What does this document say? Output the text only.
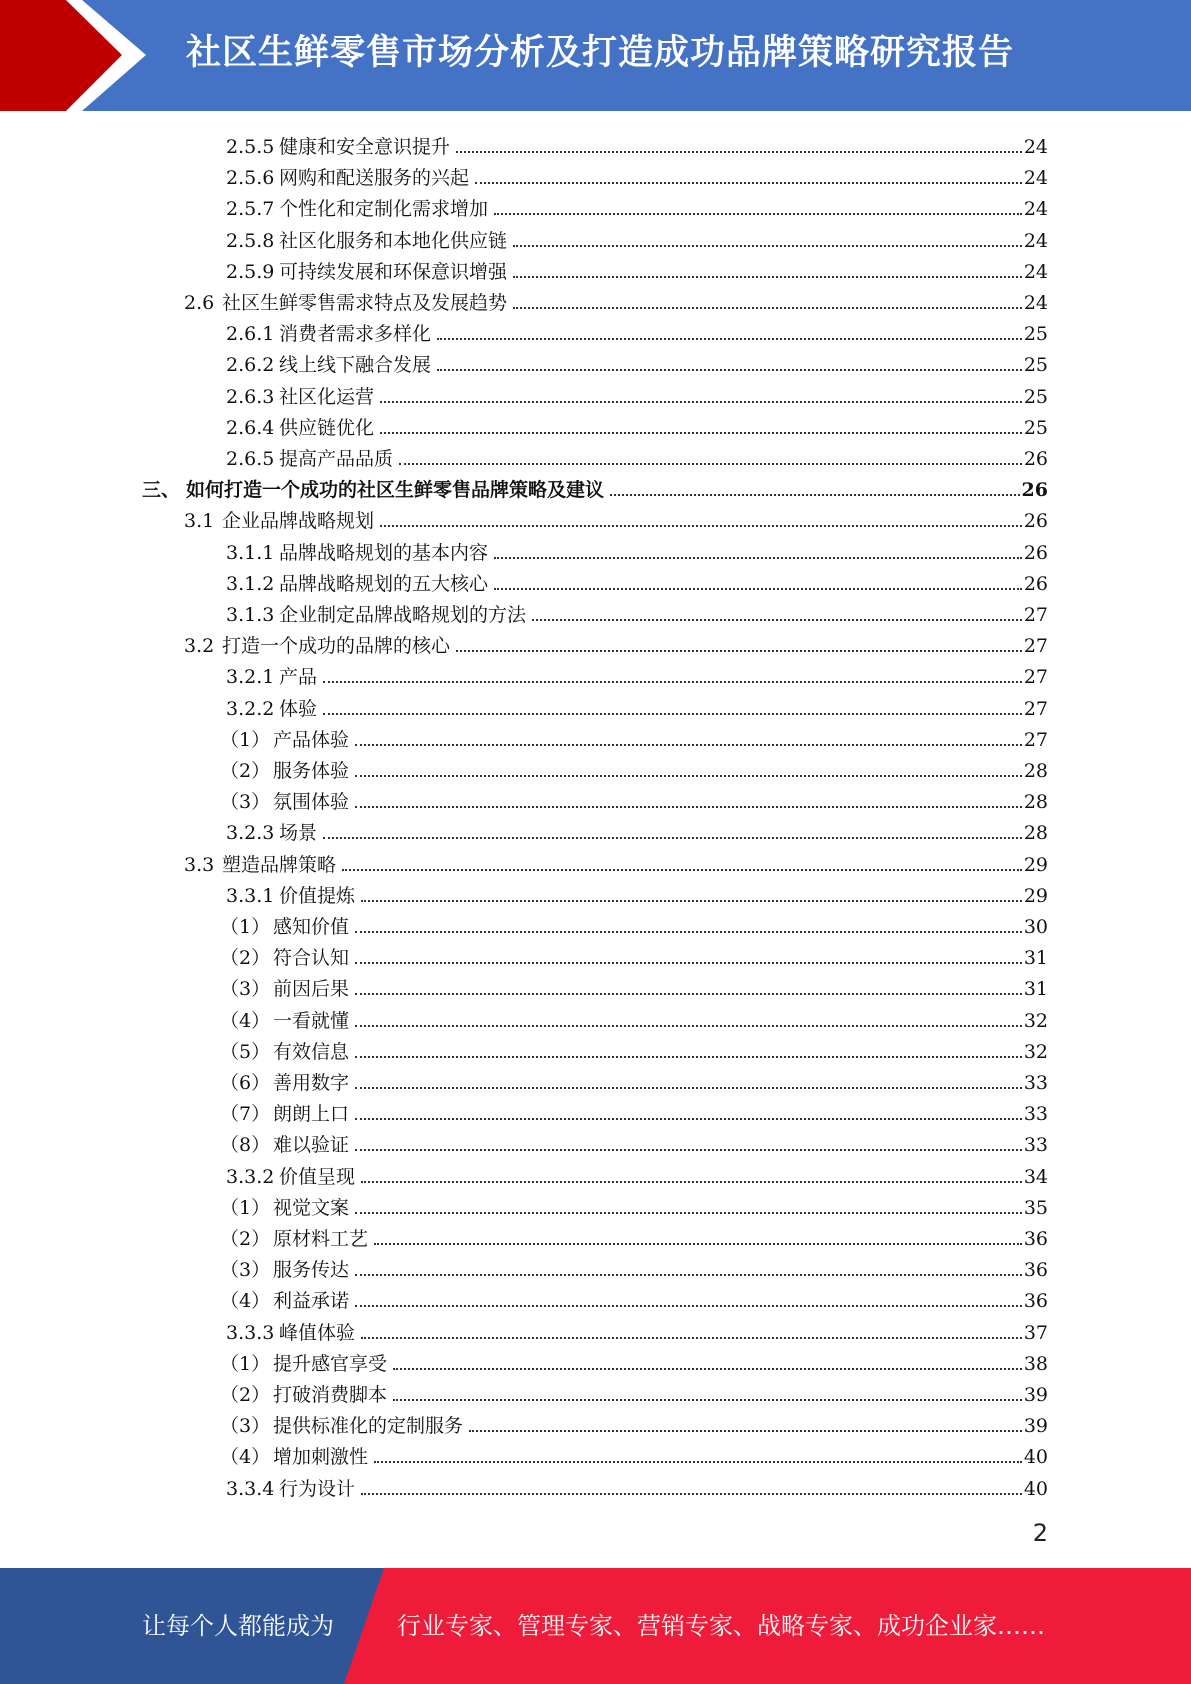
社区生鲜零售市场分析及打造成功品牌策略研究报告
2.5.5 健康和安全意识提升	24
2.5.6 网购和配送服务的兴起	24
2.5.7 个性化和定制化需求增加	24
2.5.8 社区化服务和本地化供应链	24
2.5.9 可持续发展和环保意识增强	24
2.6 社区生鲜零售需求特点及发展趋势	24
2.6.1 消费者需求多样化	25
2.6.2 线上线下融合发展	25
2.6.3 社区化运营	25
2.6.4 供应链优化	25
2.6.5 提高产品品质	26
三、 如何打造一个成功的社区生鲜零售品牌策略及建议	26
3.1 企业品牌战略规划	26
3.1.1 品牌战略规划的基本内容	26
3.1.2 品牌战略规划的五大核心	26
3.1.3 企业制定品牌战略规划的方法	27
3.2 打造一个成功的品牌的核心	27
3.2.1 产品	27
3.2.2 体验	27
（1） 产品体验	27
（2） 服务体验	28
（3） 氛围体验	28
3.2.3 场景	28
3.3 塑造品牌策略	29
3.3.1 价值提炼	29
（1） 感知价值	30
（2） 符合认知	31
（3） 前因后果	31
（4） 一看就懂	32
（5） 有效信息	32
（6） 善用数字	33
（7） 朗朗上口	33
（8） 难以验证	33
3.3.2 价值呈现	34
（1） 视觉文案	35
（2） 原材料工艺	36
（3） 服务传达	36
（4） 利益承诺	36
3.3.3 峰值体验	37
（1） 提升感官享受	38
（2） 打破消费脚本	39
（3） 提供标准化的定制服务	39
（4） 增加刺激性	40
3.3.4 行为设计	40
2
让每个人都能成为	行业专家、管理专家、营销专家、战略专家、成功企业家……
